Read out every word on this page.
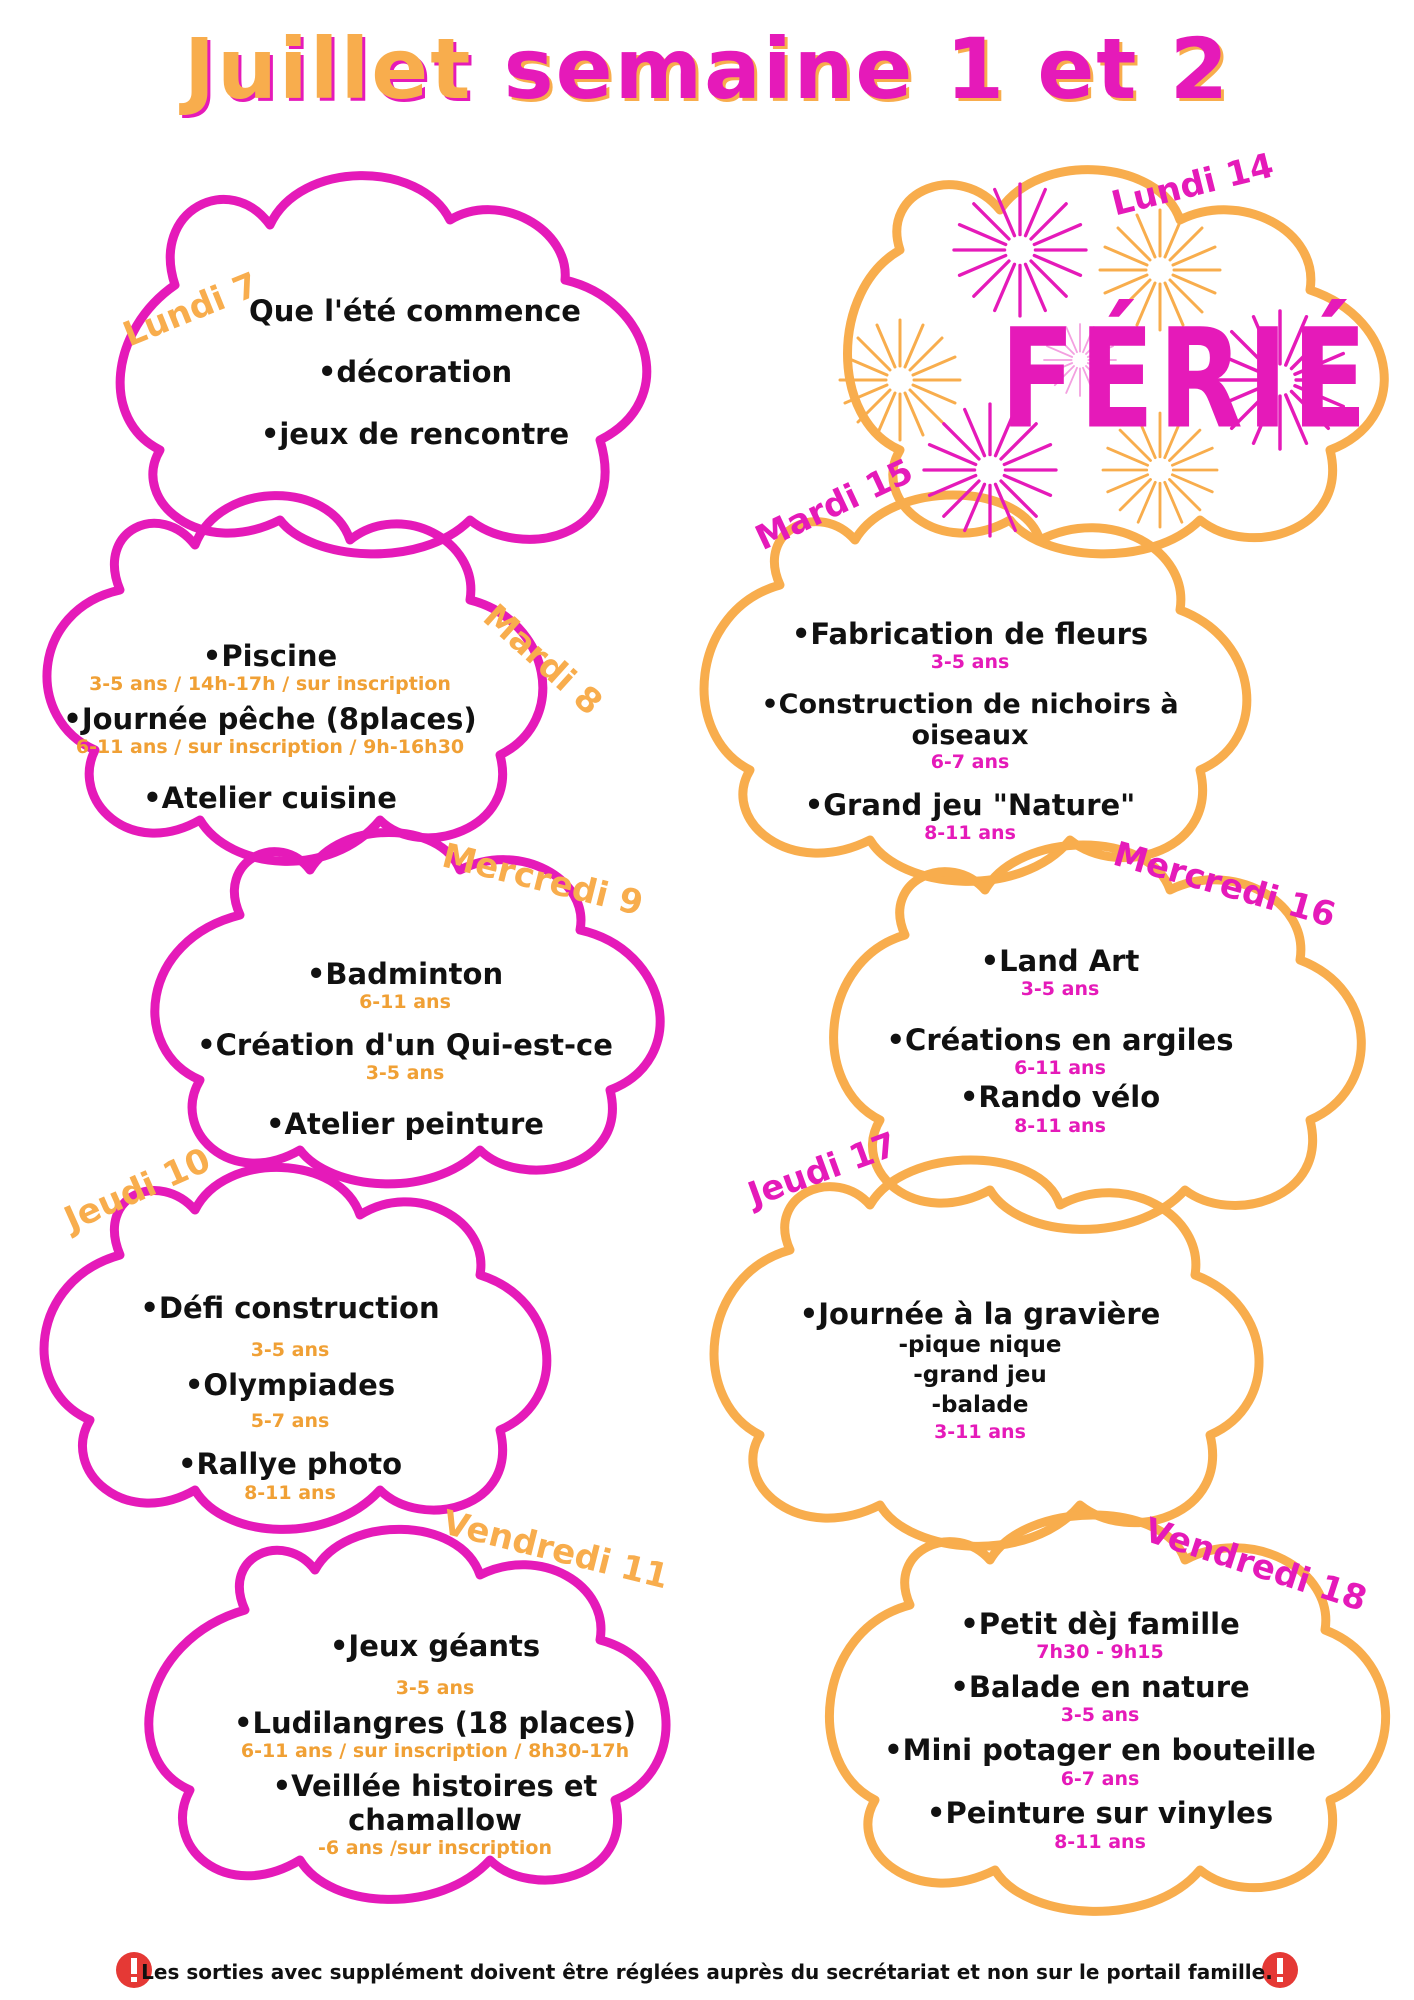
Juillet semaine 1 et 2
Lundi 7
Mardi 8
Mercredi 9
Jeudi 10
Vendredi 11
Lundi 14
Mardi 15
Mercredi 16
Jeudi 17
Vendredi 18
Que l'été commence
•décoration
•jeux de rencontre
•Piscine
3-5 ans / 14h-17h / sur inscription
•Journée pêche (8places)
6-11 ans / sur inscription / 9h-16h30
•Atelier cuisine
•Badminton
6-11 ans
•Création d'un Qui-est-ce
3-5 ans
•Atelier peinture
•Défi construction
3-5 ans
•Olympiades
5-7 ans
•Rallye photo
8-11 ans
•Jeux géants
3-5 ans
•Ludilangres (18 places)
6-11 ans / sur inscription / 8h30-17h
•Veillée histoires et chamallow
-6 ans /sur inscription
FÉRIÉ
•Fabrication de fleurs
3-5 ans
•Construction de nichoirs à oiseaux
6-7 ans
•Grand jeu "Nature"
8-11 ans
•Land Art
3-5 ans
•Créations en argiles
6-11 ans
•Rando vélo
8-11 ans
•Journée à la gravière
-pique nique
-grand jeu
-balade
3-11 ans
•Petit dèj famille
7h30 - 9h15
•Balade en nature
3-5 ans
•Mini potager en bouteille
6-7 ans
•Peinture sur vinyles
8-11 ans
Les sorties avec supplément doivent être réglées auprès du secrétariat et non sur le portail famille.
